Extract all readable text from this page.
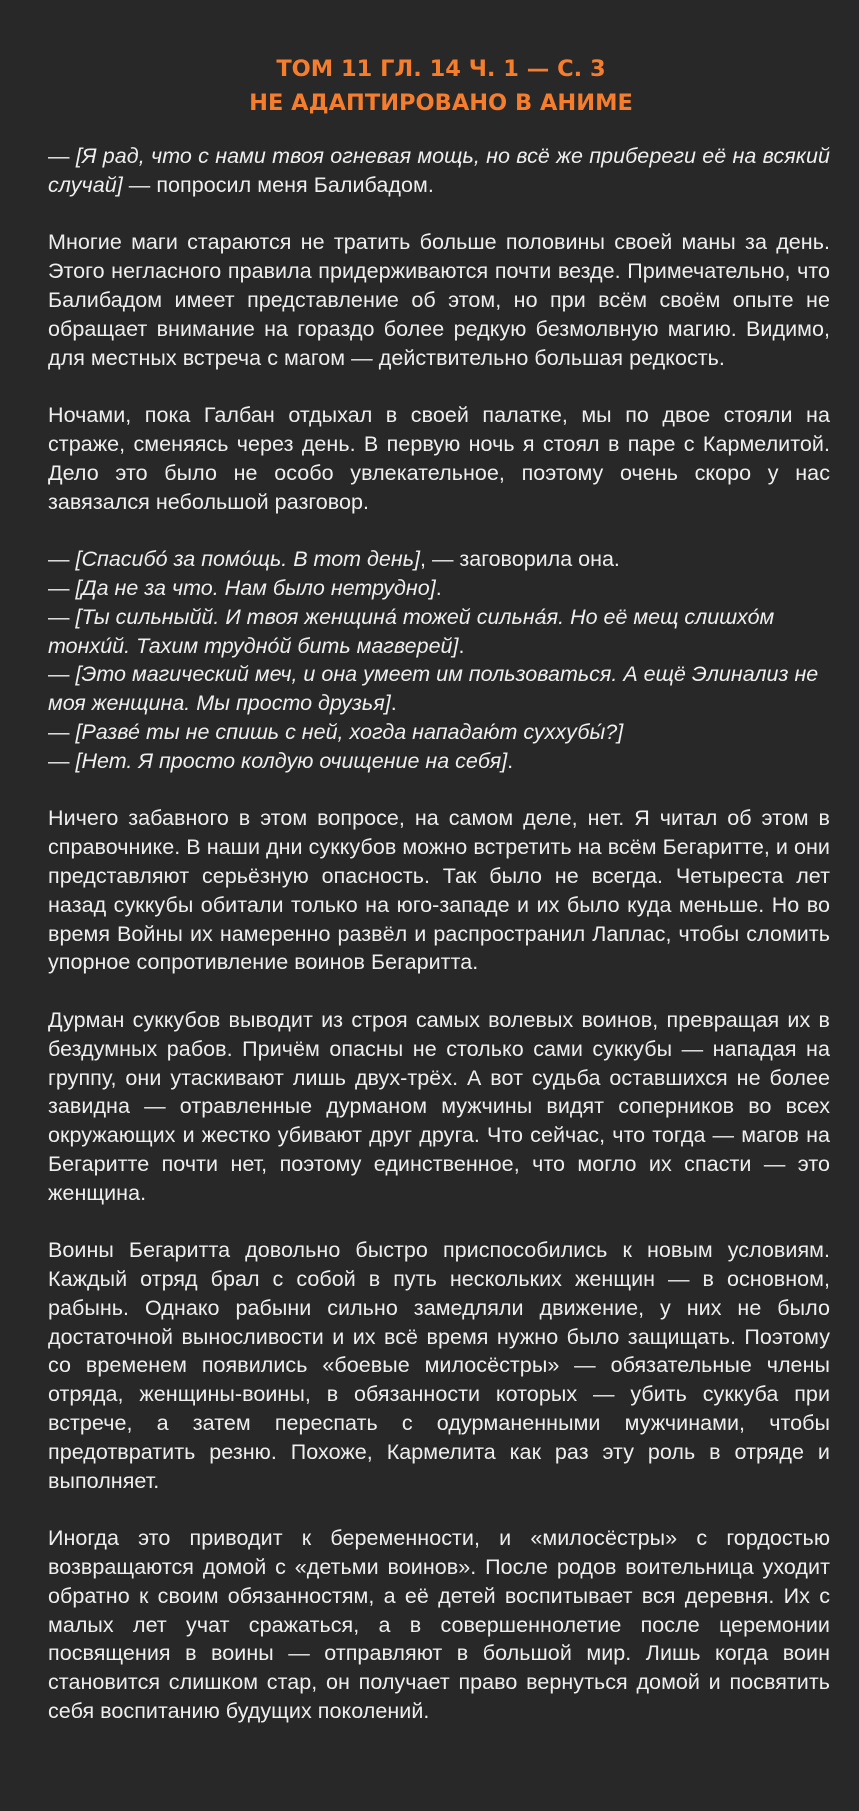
ТОМ 11 ГЛ. 14 Ч. 1 — С. 3
НЕ АДАПТИРОВАНО В АНИМЕ

— [Я рад, что с нами твоя огневая мощь, но всё же прибереги её на всякий случай] — попросил меня Балибадом.

Многие маги стараются не тратить больше половины своей маны за день. Этого негласного правила придерживаются почти везде. Примечательно, что Балибадом имеет представление об этом, но при всём своём опыте не обращает внимание на гораздо более редкую безмолвную магию. Видимо, для местных встреча с магом — действительно большая редкость.

Ночами, пока Галбан отдыхал в своей палатке, мы по двое стояли на страже, сменяясь через день. В первую ночь я стоял в паре с Кармелитой. Дело это было не особо увлекательное, поэтому очень скоро у нас завязался небольшой разговор.

— [Спасибо́ за помо́щь. В тот день], — заговорила она.
— [Да не за что. Нам было нетрудно].
— [Ты сильныйй. И твоя женщина́ тожей сильна́я. Но её мещ слишхо́м тонхи́й. Тахим трудно́й бить магверей].
— [Это магический меч, и она умеет им пользоваться. А ещё Элинализ не моя женщина. Мы просто друзья].
— [Разве́ ты не спишь с ней, хогда нападаю́т суххубы́?]
— [Нет. Я просто колдую очищение на себя].

Ничего забавного в этом вопросе, на самом деле, нет. Я читал об этом в справочнике. В наши дни суккубов можно встретить на всём Бегаритте, и они представляют серьёзную опасность. Так было не всегда. Четыреста лет назад суккубы обитали только на юго-западе и их было куда меньше. Но во время Войны их намеренно развёл и распространил Лаплас, чтобы сломить упорное сопротивление воинов Бегаритта.

Дурман суккубов выводит из строя самых волевых воинов, превращая их в бездумных рабов. Причём опасны не столько сами суккубы — нападая на группу, они утаскивают лишь двух-трёх. А вот судьба оставшихся не более завидна — отравленные дурманом мужчины видят соперников во всех окружающих и жестко убивают друг друга. Что сейчас, что тогда — магов на Бегаритте почти нет, поэтому единственное, что могло их спасти — это женщина.

Воины Бегаритта довольно быстро приспособились к новым условиям. Каждый отряд брал с собой в путь нескольких женщин — в основном, рабынь. Однако рабыни сильно замедляли движение, у них не было достаточной выносливости и их всё время нужно было защищать. Поэтому со временем появились «боевые милосёстры» — обязательные члены отряда, женщины-воины, в обязанности которых — убить суккуба при встрече, а затем переспать с одурманенными мужчинами, чтобы предотвратить резню. Похоже, Кармелита как раз эту роль в отряде и выполняет.

Иногда это приводит к беременности, и «милосёстры» с гордостью возвращаются домой с «детьми воинов». После родов воительница уходит обратно к своим обязанностям, а её детей воспитывает вся деревня. Их с малых лет учат сражаться, а в совершеннолетие после церемонии посвящения в воины — отправляют в большой мир. Лишь когда воин становится слишком стар, он получает право вернуться домой и посвятить себя воспитанию будущих поколений.
